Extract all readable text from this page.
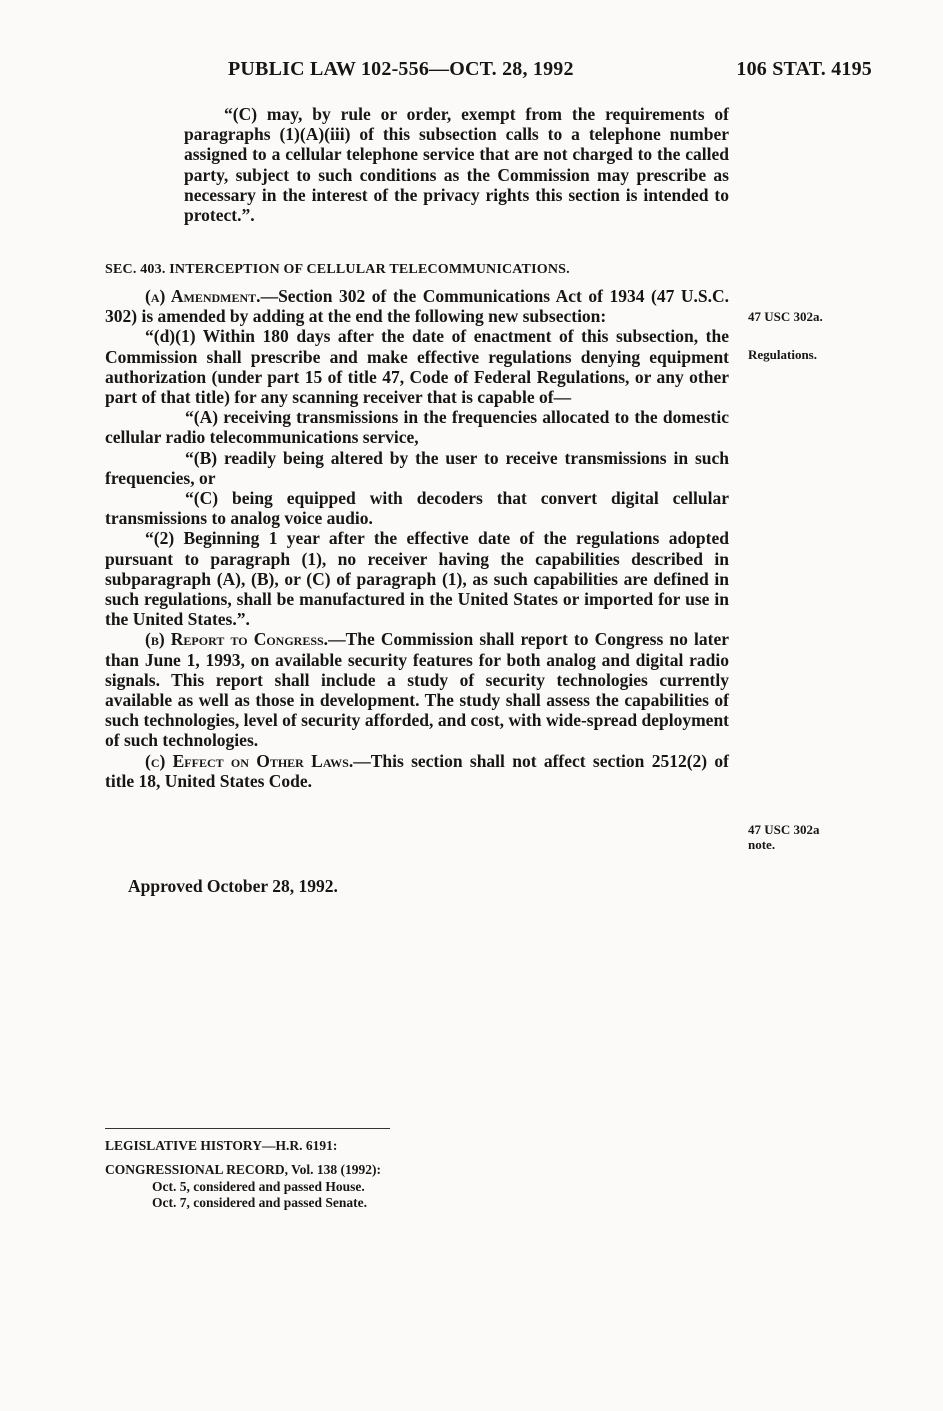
PUBLIC LAW 102-556—OCT. 28, 1992	106 STAT. 4195

“(C) may, by rule or order, exempt from the requirements of paragraphs (1)(A)(iii) of this subsection calls to a telephone number assigned to a cellular telephone service that are not charged to the called party, subject to such conditions as the Commission may prescribe as necessary in the interest of the privacy rights this section is intended to protect.”.

SEC. 403. INTERCEPTION OF CELLULAR TELECOMMUNICATIONS.

(a) Amendment.—Section 302 of the Communications Act of 1934 (47 U.S.C. 302) is amended by adding at the end the following new subsection:

“(d)(1) Within 180 days after the date of enactment of this subsection, the Commission shall prescribe and make effective regulations denying equipment authorization (under part 15 of title 47, Code of Federal Regulations, or any other part of that title) for any scanning receiver that is capable of—

“(A) receiving transmissions in the frequencies allocated to the domestic cellular radio telecommunications service,

“(B) readily being altered by the user to receive transmissions in such frequencies, or

“(C) being equipped with decoders that convert digital cellular transmissions to analog voice audio.

“(2) Beginning 1 year after the effective date of the regulations adopted pursuant to paragraph (1), no receiver having the capabilities described in subparagraph (A), (B), or (C) of paragraph (1), as such capabilities are defined in such regulations, shall be manufactured in the United States or imported for use in the United States.”.

(b) Report to Congress.—The Commission shall report to Congress no later than June 1, 1993, on available security features for both analog and digital radio signals. This report shall include a study of security technologies currently available as well as those in development. The study shall assess the capabilities of such technologies, level of security afforded, and cost, with wide-spread deployment of such technologies.

(c) Effect on Other Laws.—This section shall not affect section 2512(2) of title 18, United States Code.

47 USC 302a.
Regulations.
47 USC 302a
note.
Approved October 28, 1992.
LEGISLATIVE HISTORY—H.R. 6191:
CONGRESSIONAL RECORD, Vol. 138 (1992):
Oct. 5, considered and passed House.
Oct. 7, considered and passed Senate.
